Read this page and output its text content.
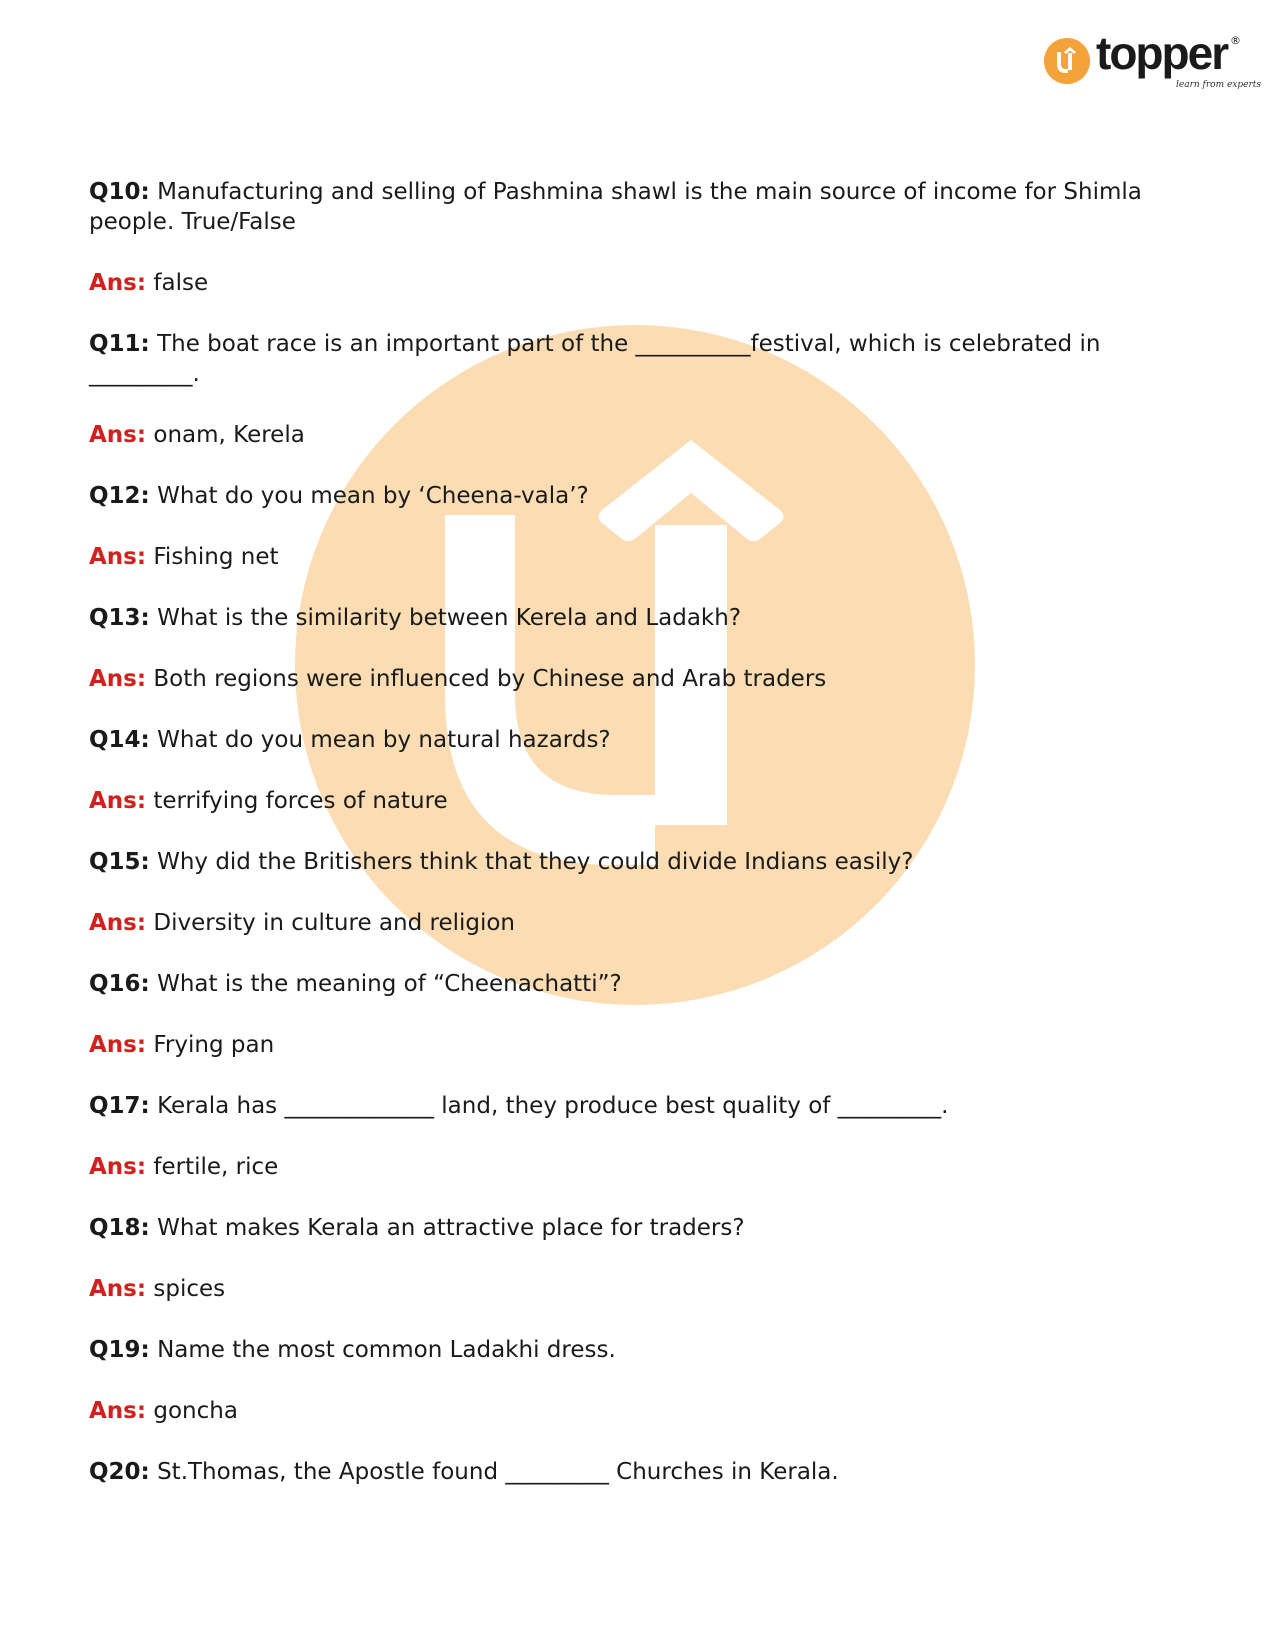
topper ®
learn from experts

Q10: Manufacturing and selling of Pashmina shawl is the main source of income for Shimla people. True/False

Ans: false

Q11: The boat race is an important part of the __________festival, which is celebrated in _________.

Ans: onam, Kerela

Q12: What do you mean by ‘Cheena-vala’?

Ans: Fishing net

Q13: What is the similarity between Kerela and Ladakh?

Ans: Both regions were influenced by Chinese and Arab traders

Q14: What do you mean by natural hazards?

Ans: terrifying forces of nature

Q15: Why did the Britishers think that they could divide Indians easily?

Ans: Diversity in culture and religion

Q16: What is the meaning of “Cheenachatti”?

Ans: Frying pan

Q17: Kerala has _____________ land, they produce best quality of _________.

Ans: fertile, rice

Q18: What makes Kerala an attractive place for traders?

Ans: spices

Q19: Name the most common Ladakhi dress.

Ans: goncha

Q20: St.Thomas, the Apostle found _________ Churches in Kerala.
